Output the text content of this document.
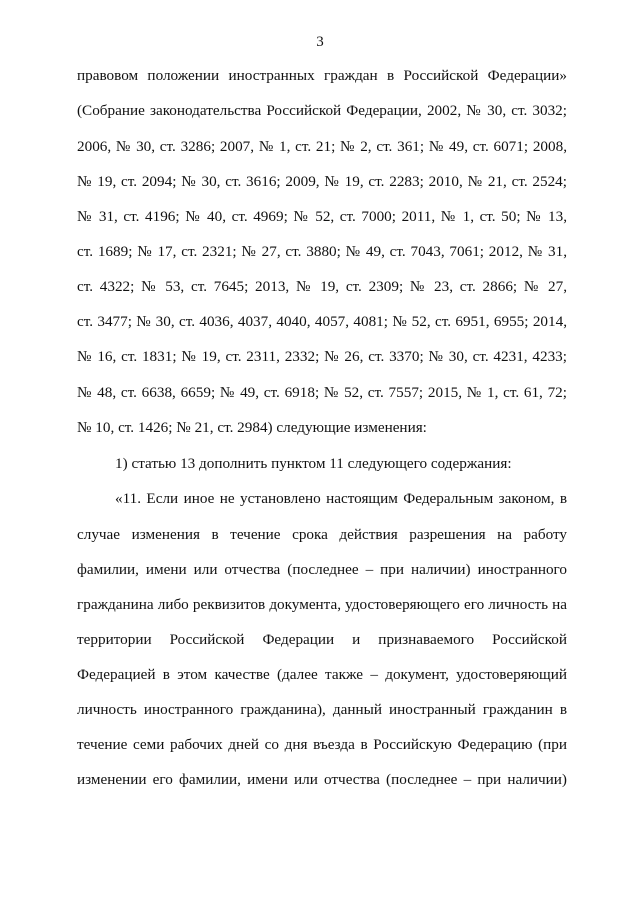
3
правовом положении иностранных граждан в Российской Федерации»
(Собрание законодательства Российской Федерации, 2002, № 30, ст. 3032;
2006, № 30, ст. 3286; 2007, № 1, ст. 21; № 2, ст. 361; № 49, ст. 6071; 2008,
№ 19, ст. 2094; № 30, ст. 3616; 2009, № 19, ст. 2283; 2010, № 21, ст. 2524;
№ 31, ст. 4196; № 40, ст. 4969; № 52, ст. 7000; 2011, № 1, ст. 50; № 13,
ст. 1689; № 17, ст. 2321; № 27, ст. 3880; № 49, ст. 7043, 7061; 2012, № 31,
ст. 4322; № 53, ст. 7645; 2013, № 19, ст. 2309; № 23, ст. 2866; № 27,
ст. 3477; № 30, ст. 4036, 4037, 4040, 4057, 4081; № 52, ст. 6951, 6955; 2014,
№ 16, ст. 1831; № 19, ст. 2311, 2332; № 26, ст. 3370; № 30, ст. 4231, 4233;
№ 48, ст. 6638, 6659; № 49, ст. 6918; № 52, ст. 7557; 2015, № 1, ст. 61, 72;
№ 10, ст. 1426; № 21, ст. 2984) следующие изменения:
1) статью 13 дополнить пунктом 11 следующего содержания:
«11. Если иное не установлено настоящим Федеральным законом, в
случае изменения в течение срока действия разрешения на работу
фамилии, имени или отчества (последнее – при наличии) иностранного
гражданина либо реквизитов документа, удостоверяющего его личность на
территории Российской Федерации и признаваемого Российской
Федерацией в этом качестве (далее также – документ, удостоверяющий
личность иностранного гражданина), данный иностранный гражданин в
течение семи рабочих дней со дня въезда в Российскую Федерацию (при
изменении его фамилии, имени или отчества (последнее – при наличии)
